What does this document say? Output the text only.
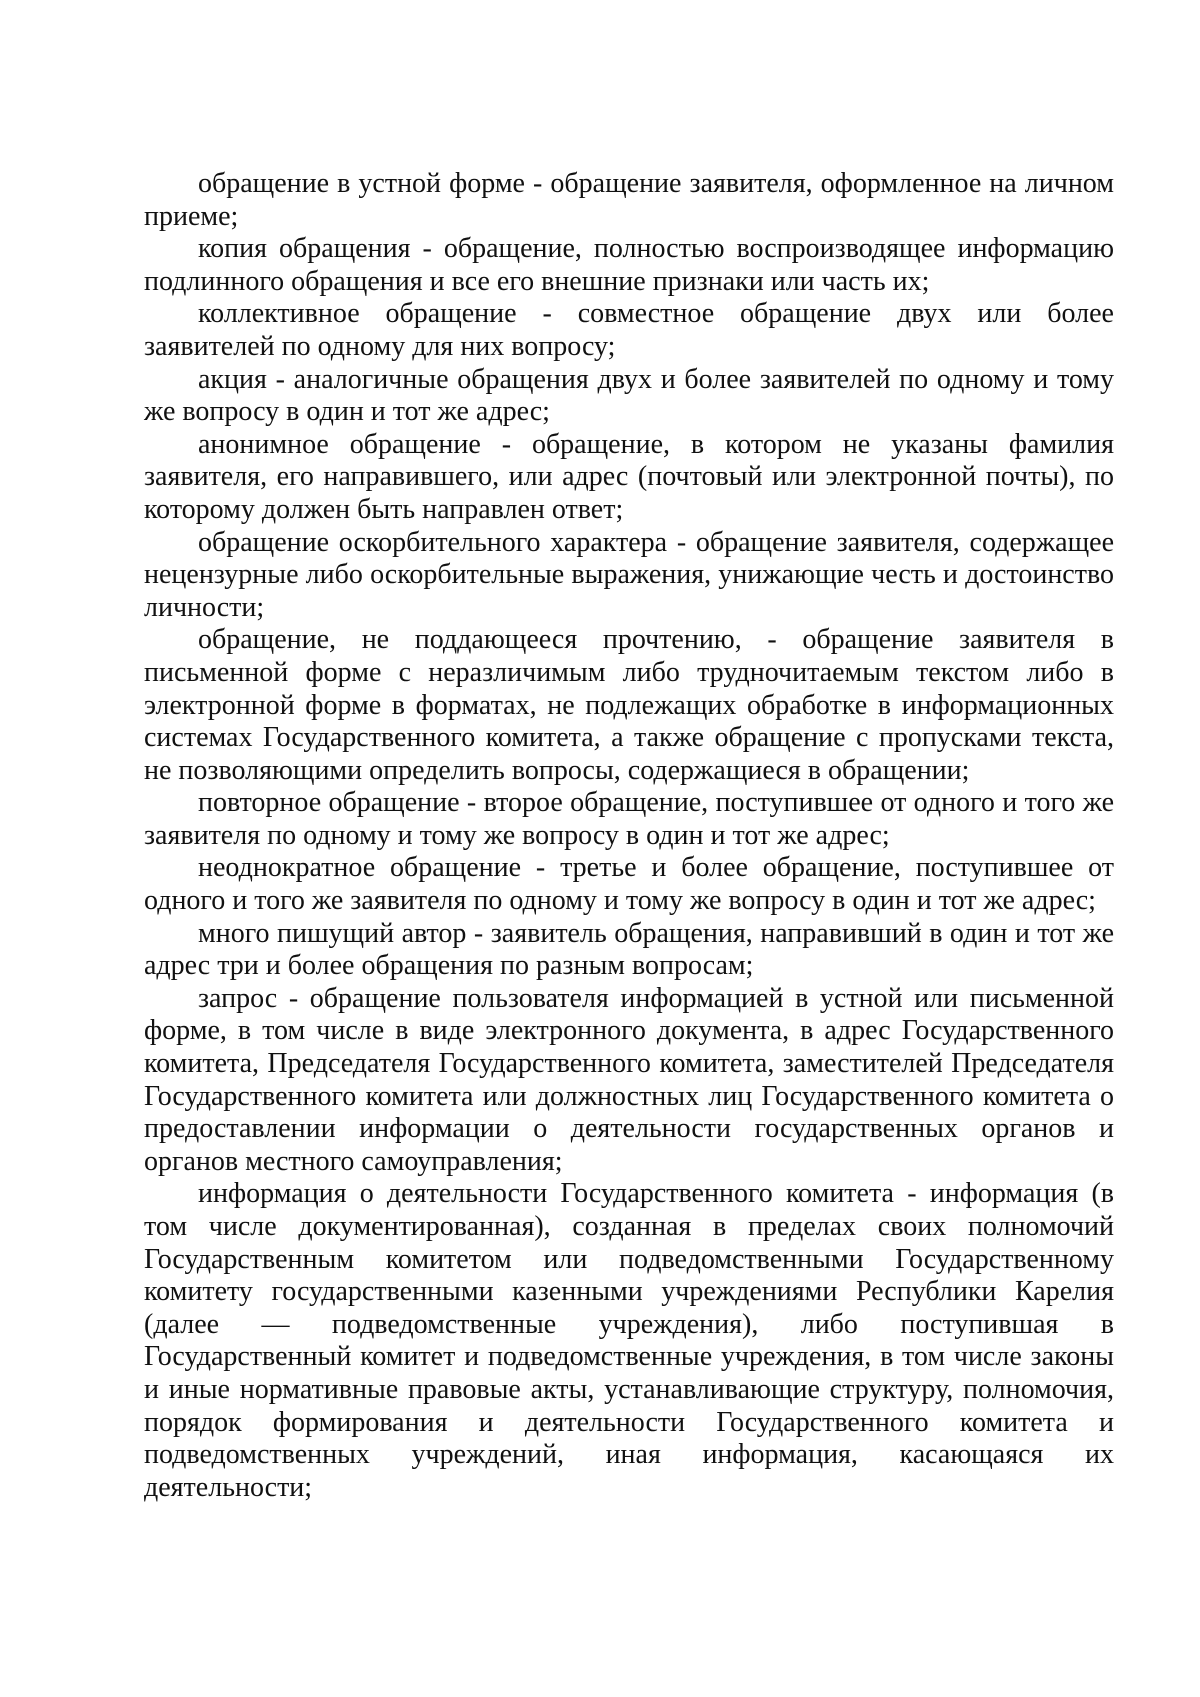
обращение в устной форме - обращение заявителя, оформленное на личном приеме;

копия обращения - обращение, полностью воспроизводящее информацию подлинного обращения и все его внешние признаки или часть их;

коллективное обращение - совместное обращение двух или более заявителей по одному для них вопросу;

акция - аналогичные обращения двух и более заявителей по одному и тому же вопросу в один и тот же адрес;

анонимное обращение - обращение, в котором не указаны фамилия заявителя, его направившего, или адрес (почтовый или электронной почты), по которому должен быть направлен ответ;

обращение оскорбительного характера - обращение заявителя, содержащее нецензурные либо оскорбительные выражения, унижающие честь и достоинство личности;

обращение, не поддающееся прочтению, - обращение заявителя в письменной форме с неразличимым либо трудночитаемым текстом либо в электронной форме в форматах, не подлежащих обработке в информационных системах Государственного комитета, а также обращение с пропусками текста, не позволяющими определить вопросы, содержащиеся в обращении;

повторное обращение - второе обращение, поступившее от одного и того же заявителя по одному и тому же вопросу в один и тот же адрес;

неоднократное обращение - третье и более обращение, поступившее от одного и того же заявителя по одному и тому же вопросу в один и тот же адрес;

много пишущий автор - заявитель обращения, направивший в один и тот же адрес три и более обращения по разным вопросам;

запрос - обращение пользователя информацией в устной или письменной форме, в том числе в виде электронного документа, в адрес Государственного комитета, Председателя Государственного комитета, заместителей Председателя Государственного комитета или должностных лиц Государственного комитета о предоставлении информации о деятельности государственных органов и органов местного самоуправления;

информация о деятельности Государственного комитета - информация (в том числе документированная), созданная в пределах своих полномочий Государственным комитетом или подведомственными Государственному комитету государственными казенными учреждениями Республики Карелия (далее — подведомственные учреждения), либо поступившая в Государственный комитет и подведомственные учреждения, в том числе законы и иные нормативные правовые акты, устанавливающие структуру, полномочия, порядок формирования и деятельности Государственного комитета и подведомственных учреждений, иная информация, касающаяся их деятельности;
